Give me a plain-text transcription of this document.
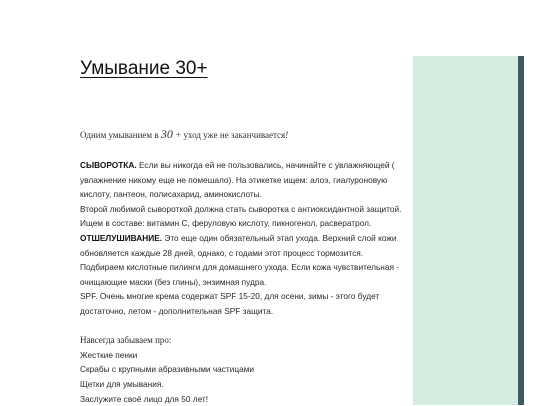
Умывание 30+
Одним умыванием в 30 + уход уже не заканчивается!
СЫВОРОТКА. Если вы никогда ей не пользовались, начинайте с увлажняющей (
увлажнение никому еще не помешало). На этикетке ищем: алоэ, гиалуроновую
кислоту, пантеон, полисахарид, аминокислоты.
Второй любимой сывороткой должна стать сыворотка с антиоксидантной защитой.
Ищем в составе: витамин С, феруловую кислоту, пикногенол, расвератрол.
ОТШЕЛУШИВАНИЕ. Это еще один обязательный этап ухода. Верхний слой кожи
обновляется каждые 28 дней, однако, с годами этот процесс тормозится.
Подбираем кислотные пилинги для домашнего ухода. Если кожа чувствительная -
очищающие маски (без глины), энзимная пудра.
SPF. Очень многие крема содержат SPF 15-20, для осени, зимы - этого будет
достаточно, летом - дополнительная SPF защита.
Навсегда забываем про:
Жесткие пенки
Скрабы с крупными абразивными частицами
Щетки для умывания.
Заслужите своё лицо для 50 лет!
